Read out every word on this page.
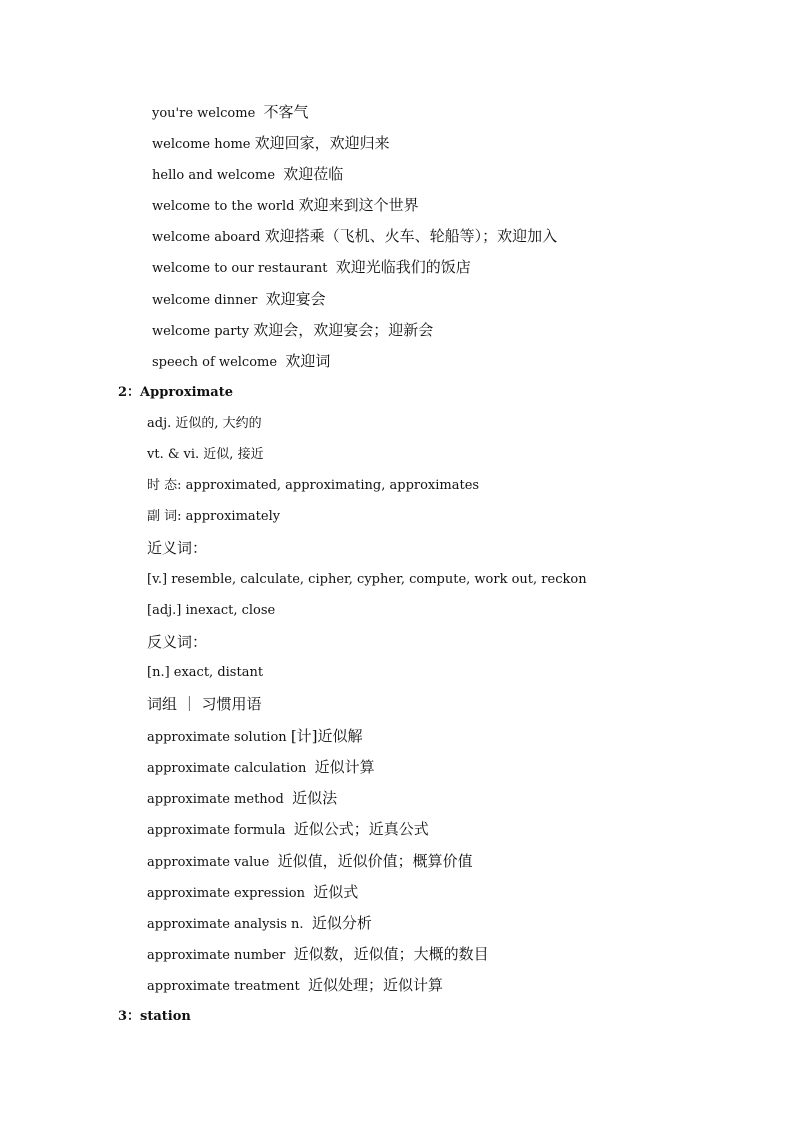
you're welcome 不客气
welcome home 欢迎回家，欢迎归来
hello and welcome 欢迎莅临
welcome to the world 欢迎来到这个世界
welcome aboard 欢迎搭乘（飞机、火车、轮船等）；欢迎加入
welcome to our restaurant 欢迎光临我们的饭店
welcome dinner 欢迎宴会
welcome party 欢迎会，欢迎宴会；迎新会
speech of welcome 欢迎词
2：Approximate
adj. 近似的, 大约的
vt. & vi. 近似, 接近
时 态: approximated, approximating, approximates
副 词: approximately
近义词：
[v.] resemble, calculate, cipher, cypher, compute, work out, reckon
[adj.] inexact, close
反义词：
[n.] exact, distant
词组 ｜ 习惯用语
approximate solution [计]近似解
approximate calculation 近似计算
approximate method 近似法
approximate formula 近似公式；近真公式
approximate value 近似值，近似价值；概算价值
approximate expression 近似式
approximate analysis n. 近似分析
approximate number 近似数，近似值；大概的数目
approximate treatment 近似处理；近似计算
3：station
